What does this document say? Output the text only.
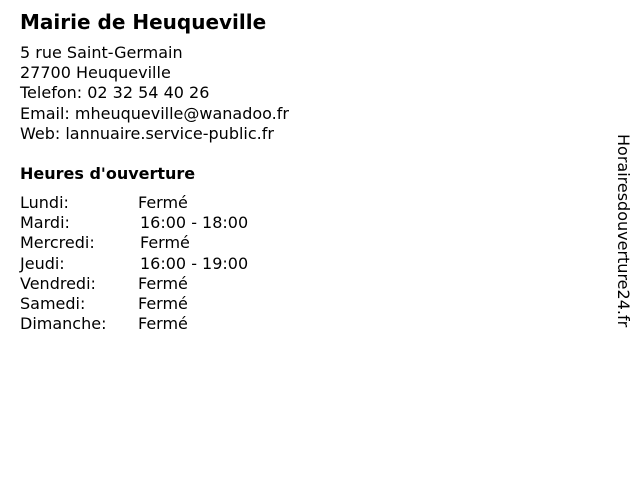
Mairie de Heuqueville
5 rue Saint-Germain
27700 Heuqueville
Telefon: 02 32 54 40 26
Email: mheuqueville@wanadoo.fr
Web: lannuaire.service-public.fr
Heures d'ouverture
Lundi:	Fermé
Mardi:	16:00 - 18:00
Mercredi:	Fermé
Jeudi:	16:00 - 19:00
Vendredi:	Fermé
Samedi:	Fermé
Dimanche: Fermé	Horairesdouverture24.fr
